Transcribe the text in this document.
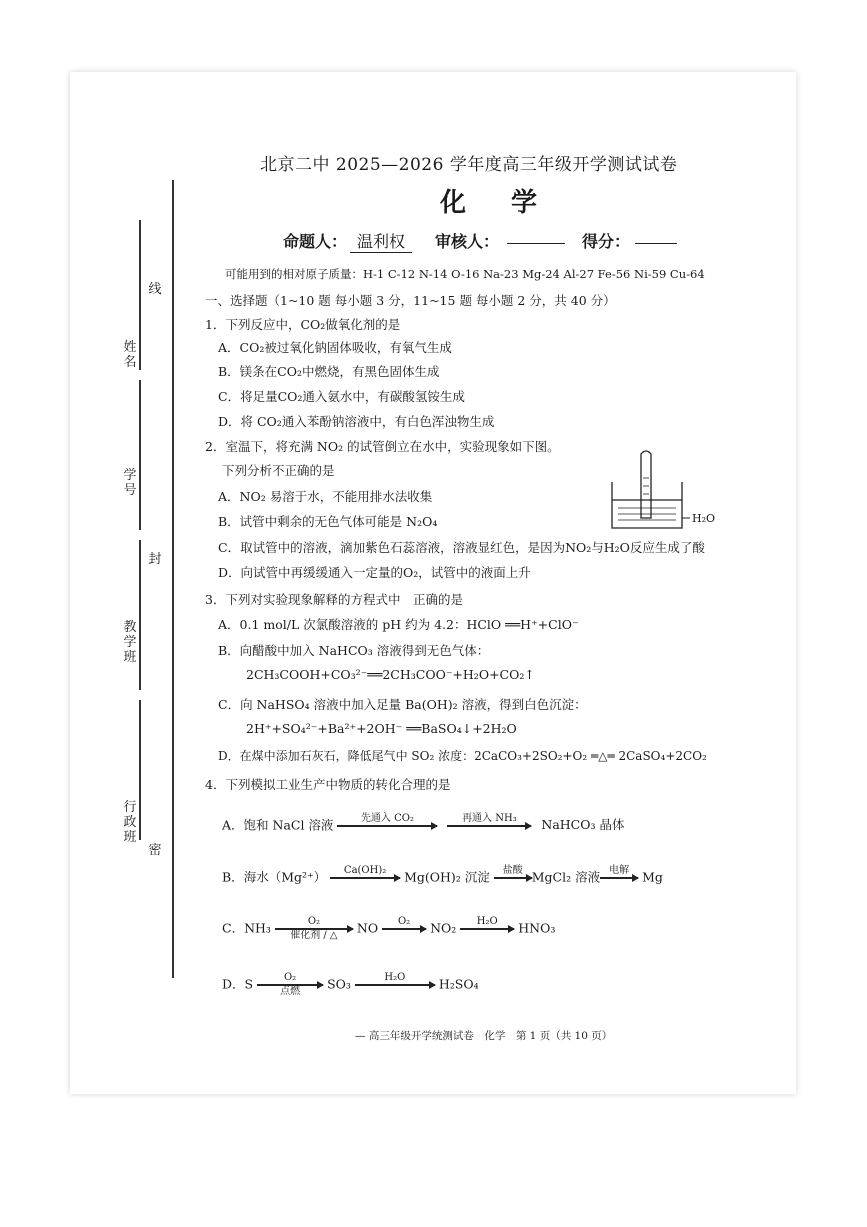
北京二中 2025—2026 学年度高三年级开学测试试卷
化 学
命题人： 温利权	审核人：	得分：
可能用到的相对原子质量：H-1 C-12 N-14 O-16 Na-23 Mg-24 Al-27 Fe-56 Ni-59 Cu-64
一、选择题（1~10 题 每小题 3 分，11~15 题 每小题 2 分，共 40 分）
姓名
学号
教学班
行政班
线
封
密
1．下列反应中，CO₂做氧化剂的是
A．CO₂被过氧化钠固体吸收，有氧气生成
B．镁条在CO₂中燃烧，有黑色固体生成
C．将足量CO₂通入氨水中，有碳酸氢铵生成
D．将 CO₂通入苯酚钠溶液中，有白色浑浊物生成
2．室温下，将充满 NO₂ 的试管倒立在水中，实验现象如下图。
下列分析不正确的是
A．NO₂ 易溶于水，不能用排水法收集
B．试管中剩余的无色气体可能是 N₂O₄
C．取试管中的溶液，滴加紫色石蕊溶液，溶液显红色，是因为NO₂与H₂O反应生成了酸
D．向试管中再缓缓通入一定量的O₂，试管中的液面上升
H₂O
3．下列对实验现象解释的方程式中　正确的是
A．0.1 mol/L 次氯酸溶液的 pH 约为 4.2：HClO ══H⁺+ClO⁻
B．向醋酸中加入 NaHCO₃ 溶液得到无色气体：
2CH₃COOH+CO₃²⁻══2CH₃COO⁻+H₂O+CO₂↑
C．向 NaHSO₄ 溶液中加入足量 Ba(OH)₂ 溶液，得到白色沉淀：
2H⁺+SO₄²⁻+Ba²⁺+2OH⁻ ══BaSO₄↓+2H₂O
D．在煤中添加石灰石，降低尾气中 SO₂ 浓度：2CaCO₃+2SO₂+O₂ ═△═ 2CaSO₄+2CO₂
4．下列模拟工业生产中物质的转化合理的是
A．饱和 NaCl 溶液	先通入 CO₂

	再通入 NH₃
	NaHCO₃ 晶体
B．海水（Mg²⁺）	Ca(OH)₂
	Mg(OH)₂ 沉淀	盐酸
MgCl₂ 溶液 电解
	Mg
C．NH₃	O₂
催化剂 / △	NO	O₂
	NO₂	H₂O
	HNO₃
D．S	O₂
点燃	SO₃	H₂O
	H₂SO₄
— 高三年级开学统测试卷　化学　第 1 页（共 10 页）
